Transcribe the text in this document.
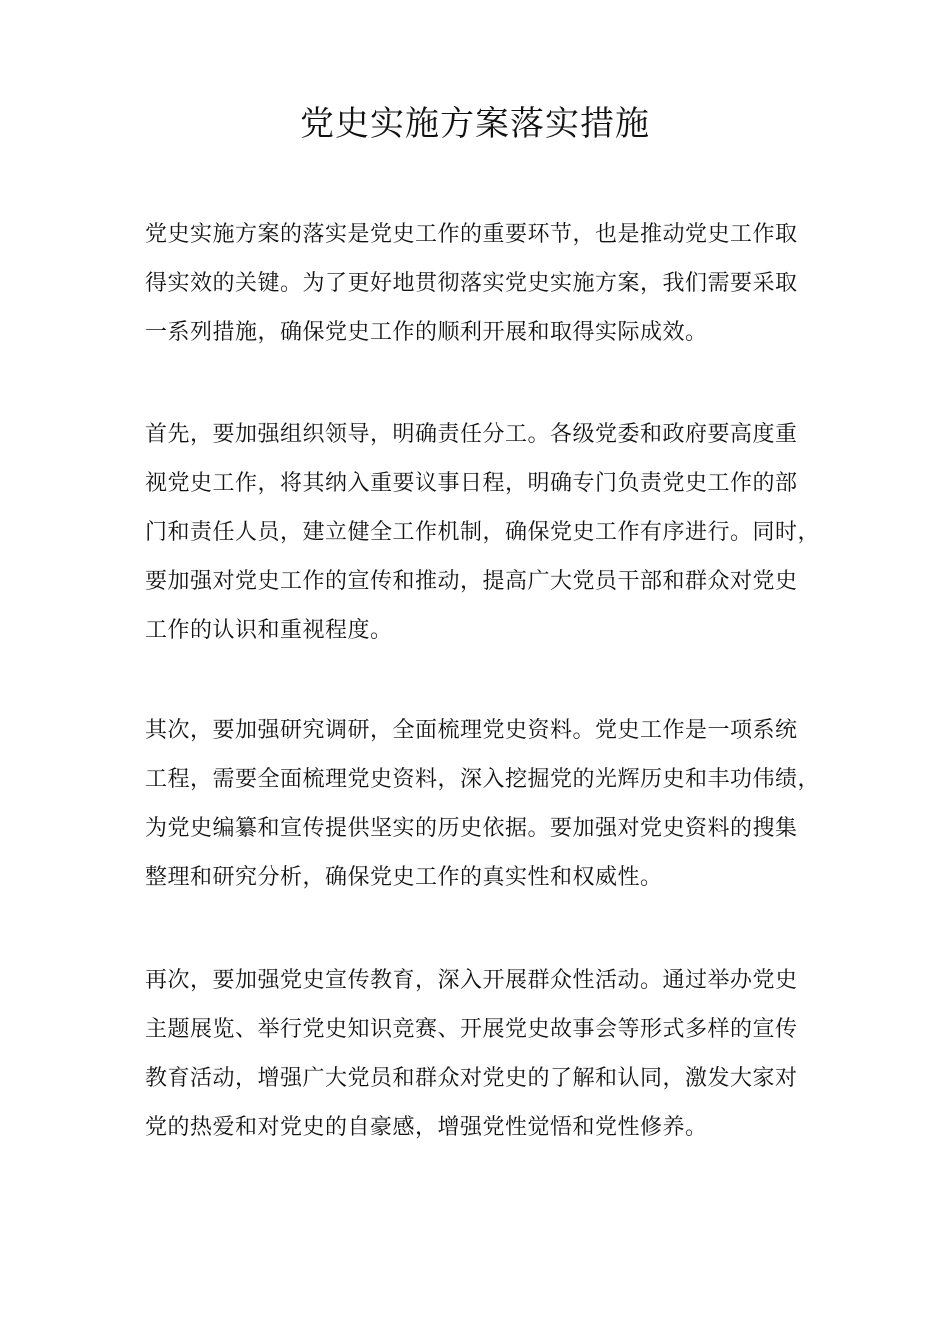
党史实施方案落实措施
党史实施方案的落实是党史工作的重要环节，也是推动党史工作取
得实效的关键。为了更好地贯彻落实党史实施方案，我们需要采取
一系列措施，确保党史工作的顺利开展和取得实际成效。
首先，要加强组织领导，明确责任分工。各级党委和政府要高度重
视党史工作，将其纳入重要议事日程，明确专门负责党史工作的部
门和责任人员，建立健全工作机制，确保党史工作有序进行。同时，
要加强对党史工作的宣传和推动，提高广大党员干部和群众对党史
工作的认识和重视程度。
其次，要加强研究调研，全面梳理党史资料。党史工作是一项系统
工程，需要全面梳理党史资料，深入挖掘党的光辉历史和丰功伟绩，
为党史编纂和宣传提供坚实的历史依据。要加强对党史资料的搜集
整理和研究分析，确保党史工作的真实性和权威性。
再次，要加强党史宣传教育，深入开展群众性活动。通过举办党史
主题展览、举行党史知识竞赛、开展党史故事会等形式多样的宣传
教育活动，增强广大党员和群众对党史的了解和认同，激发大家对
党的热爱和对党史的自豪感，增强党性觉悟和党性修养。
